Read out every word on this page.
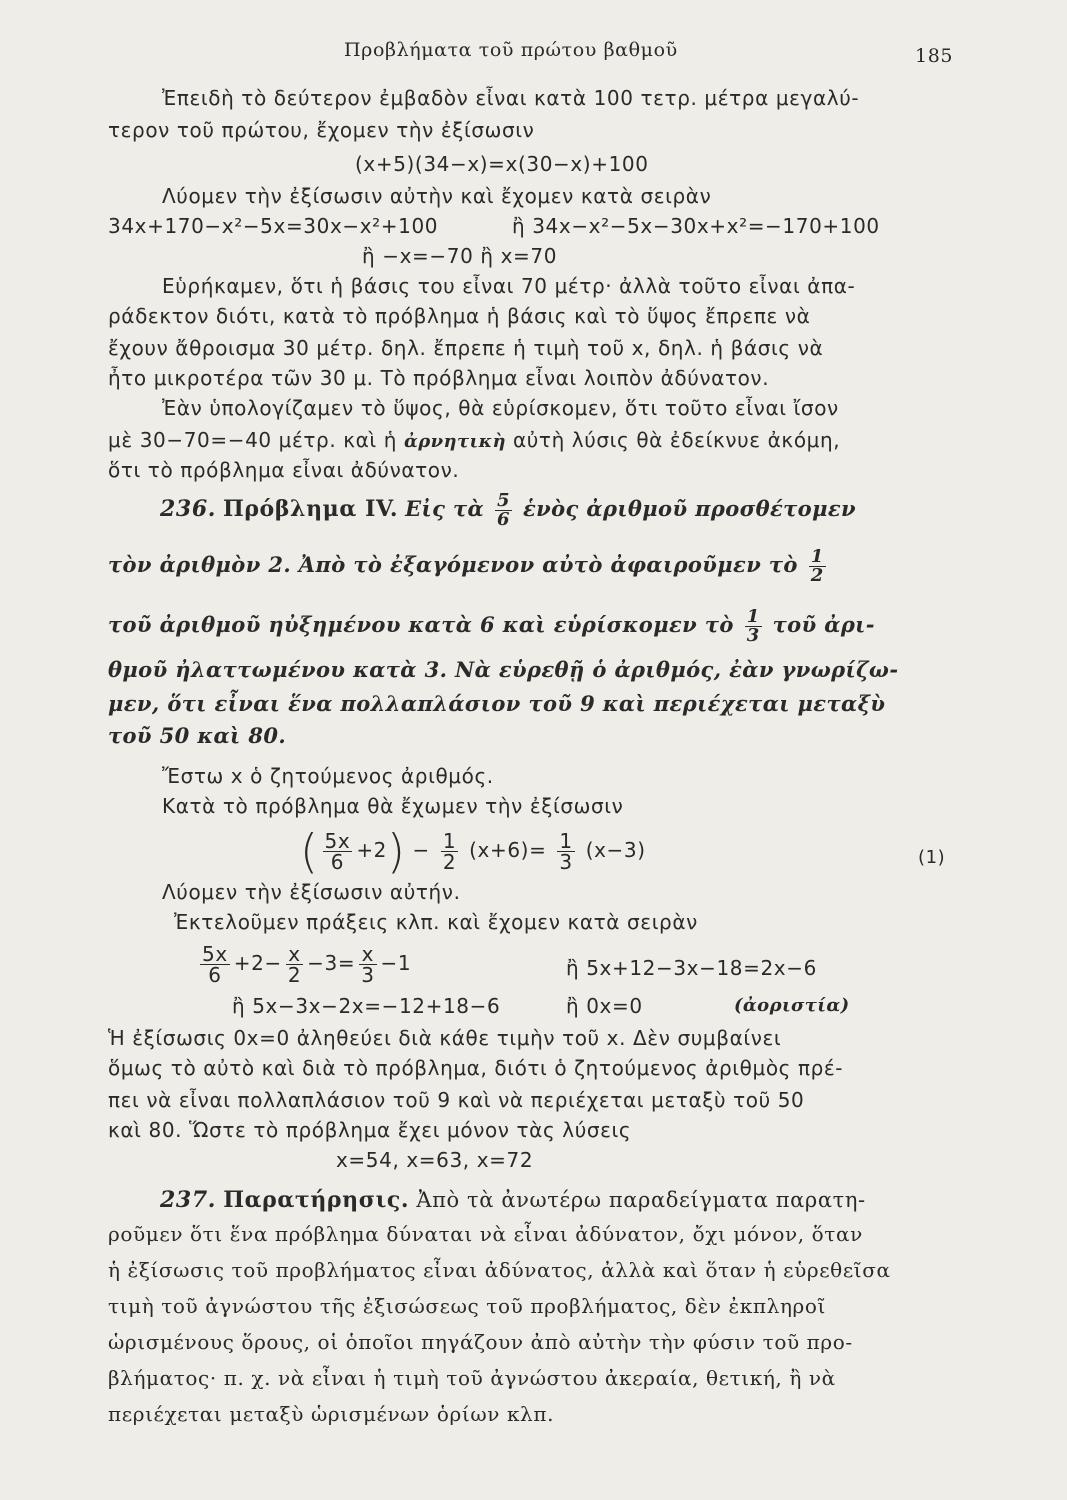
Προβλήματα τοῦ πρώτου βαθμοῦ	185
Ἐπειδὴ τὸ δεύτερον ἐμβαδὸν εἶναι κατὰ 100 τετρ. μέτρα μεγαλύ-
τερον τοῦ πρώτου, ἔχομεν τὴν ἐξίσωσιν
(x+5)(34−x)=x(30−x)+100
Λύομεν τὴν ἐξίσωσιν αὐτὴν καὶ ἔχομεν κατὰ σειρὰν
34x+170−x²−5x=30x−x²+100	ἢ 34x−x²−5x−30x+x²=−170+100
ἢ −x=−70 ἢ x=70
Εὑρήκαμεν, ὅτι ἡ βάσις του εἶναι 70 μέτρ· ἀλλὰ τοῦτο εἶναι ἀπα-
ράδεκτον διότι, κατὰ τὸ πρόβλημα ἡ βάσις καὶ τὸ ὕψος ἔπρεπε νὰ
ἔχουν ἄθροισμα 30 μέτρ. δηλ. ἔπρεπε ἡ τιμὴ τοῦ x, δηλ. ἡ βάσις νὰ
ἦτο μικροτέρα τῶν 30 μ. Τὸ πρόβλημα εἶναι λοιπὸν ἀδύνατον.
Ἐὰν ὑπολογίζαμεν τὸ ὕψος, θὰ εὑρίσκομεν, ὅτι τοῦτο εἶναι ἴσον
μὲ 30−70=−40 μέτρ. καὶ ἡ ἀρνητικὴ αὐτὴ λύσις θὰ ἐδείκνυε ἀκόμη,
ὅτι τὸ πρόβλημα εἶναι ἀδύνατον.
236. Πρόβλημα IV. Εἰς τὰ $\frac{5}{6}$ ἑνὸς ἀριθμοῦ προσθέτομεν
τὸν ἀριθμὸν 2. Ἀπὸ τὸ ἐξαγόμενον αὐτὸ ἀφαιροῦμεν τὸ $\frac{1}{2}$
τοῦ ἀριθμοῦ ηὐξημένου κατὰ 6 καὶ εὑρίσκομεν τὸ $\frac{1}{3}$ τοῦ ἀρι-
θμοῦ ἠλαττωμένου κατὰ 3. Νὰ εὑρεθῇ ὁ ἀριθμός, ἐὰν γνωρίζω-
μεν, ὅτι εἶναι ἕνα πολλαπλάσιον τοῦ 9 καὶ περιέχεται μεταξὺ
τοῦ 50 καὶ 80.
Ἔστω x ὁ ζητούμενος ἀριθμός.
Κατὰ τὸ πρόβλημα θὰ ἔχωμεν τὴν ἐξίσωσιν
( $\frac{5x}{6} +2) - \frac{1}{2} (x+6)= \frac{1}{3} (x-3)$	(1)
Λύομεν τὴν ἐξίσωσιν αὐτήν.
Ἐκτελοῦμεν πράξεις κλπ. καὶ ἔχομεν κατὰ σειρὰν
$\frac{5x}{6} +2- \frac{x}{2} -3= \frac{x}{3} -1$	ἢ 5x+12−3x−18=2x−6
ἢ 5x−3x−2x=−12+18−6	ἢ 0x=0	(ἀοριστία)
Ἡ ἐξίσωσις 0x=0 ἀληθεύει διὰ κάθε τιμὴν τοῦ x. Δὲν συμβαίνει
ὅμως τὸ αὐτὸ καὶ διὰ τὸ πρόβλημα, διότι ὁ ζητούμενος ἀριθμὸς πρέ-
πει νὰ εἶναι πολλαπλάσιον τοῦ 9 καὶ νὰ περιέχεται μεταξὺ τοῦ 50
καὶ 80. Ὥστε τὸ πρόβλημα ἔχει μόνον τὰς λύσεις
x=54, x=63, x=72
237. Παρατήρησις. Ἀπὸ τὰ ἀνωτέρω παραδείγματα παρατη-
ροῦμεν ὅτι ἕνα πρόβλημα δύναται νὰ εἶναι ἀδύνατον, ὄχι μόνον, ὅταν
ἡ ἐξίσωσις τοῦ προβλήματος εἶναι ἀδύνατος, ἀλλὰ καὶ ὅταν ἡ εὑρεθεῖσα
τιμὴ τοῦ ἀγνώστου τῆς ἐξισώσεως τοῦ προβλήματος, δὲν ἐκπληροῖ
ὡρισμένους ὅρους, οἱ ὁποῖοι πηγάζουν ἀπὸ αὐτὴν τὴν φύσιν τοῦ προ-
βλήματος· π. χ. νὰ εἶναι ἡ τιμὴ τοῦ ἀγνώστου ἀκεραία, θετική, ἢ νὰ
περιέχεται μεταξὺ ὡρισμένων ὁρίων κλπ.
